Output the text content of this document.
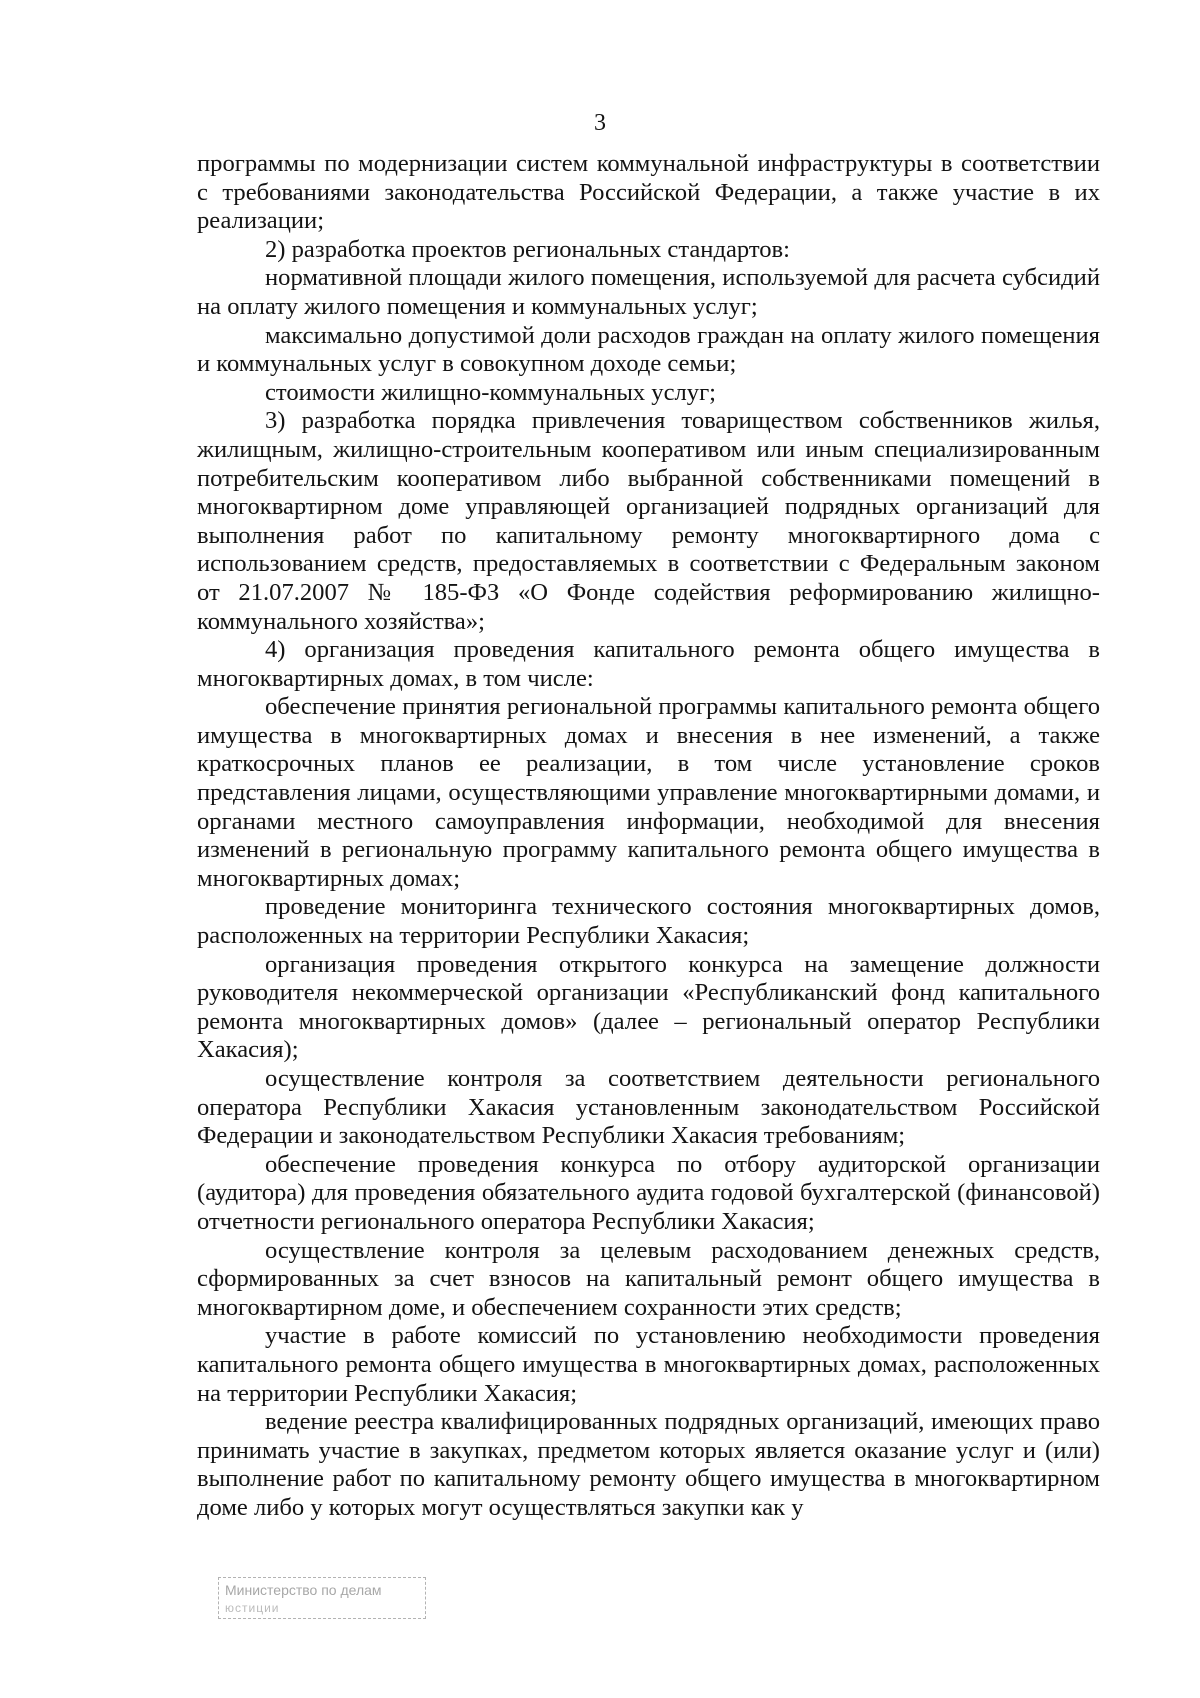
3

программы по модернизации систем коммунальной инфраструктуры в соответствии с требованиями законодательства Российской Федерации, а также участие в их реализации;

2) разработка проектов региональных стандартов:

нормативной площади жилого помещения, используемой для расчета субсидий на оплату жилого помещения и коммунальных услуг;

максимально допустимой доли расходов граждан на оплату жилого помещения и коммунальных услуг в совокупном доходе семьи;

стоимости жилищно-коммунальных услуг;

3) разработка порядка привлечения товариществом собственников жилья, жилищным, жилищно-строительным кооперативом или иным специализированным потребительским кооперативом либо выбранной собственниками помещений в многоквартирном доме управляющей организацией подрядных организаций для выполнения работ по капитальному ремонту многоквартирного дома с использованием средств, предоставляемых в соответствии с Федеральным законом от 21.07.2007 № 185-ФЗ «О Фонде содействия реформированию жилищно-коммунального хозяйства»;

4) организация проведения капитального ремонта общего имущества в многоквартирных домах, в том числе:

обеспечение принятия региональной программы капитального ремонта общего имущества в многоквартирных домах и внесения в нее изменений, а также краткосрочных планов ее реализации, в том числе установление сроков представления лицами, осуществляющими управление многоквартирными домами, и органами местного самоуправления информации, необходимой для внесения изменений в региональную программу капитального ремонта общего имущества в многоквартирных домах;

проведение мониторинга технического состояния многоквартирных домов, расположенных на территории Республики Хакасия;

организация проведения открытого конкурса на замещение должности руководителя некоммерческой организации «Республиканский фонд капитального ремонта многоквартирных домов» (далее – региональный оператор Республики Хакасия);

осуществление контроля за соответствием деятельности регионального оператора Республики Хакасия установленным законодательством Российской Федерации и законодательством Республики Хакасия требованиям;

обеспечение проведения конкурса по отбору аудиторской организации (аудитора) для проведения обязательного аудита годовой бухгалтерской (финансовой) отчетности регионального оператора Республики Хакасия;

осуществление контроля за целевым расходованием денежных средств, сформированных за счет взносов на капитальный ремонт общего имущества в многоквартирном доме, и обеспечением сохранности этих средств;

участие в работе комиссий по установлению необходимости проведения капитального ремонта общего имущества в многоквартирных домах, расположенных на территории Республики Хакасия;

ведение реестра квалифицированных подрядных организаций, имеющих право принимать участие в закупках, предметом которых является оказание услуг и (или) выполнение работ по капитальному ремонту общего имущества в многоквартирном доме либо у которых могут осуществляться закупки как у

Министерство по делам
юстиции
